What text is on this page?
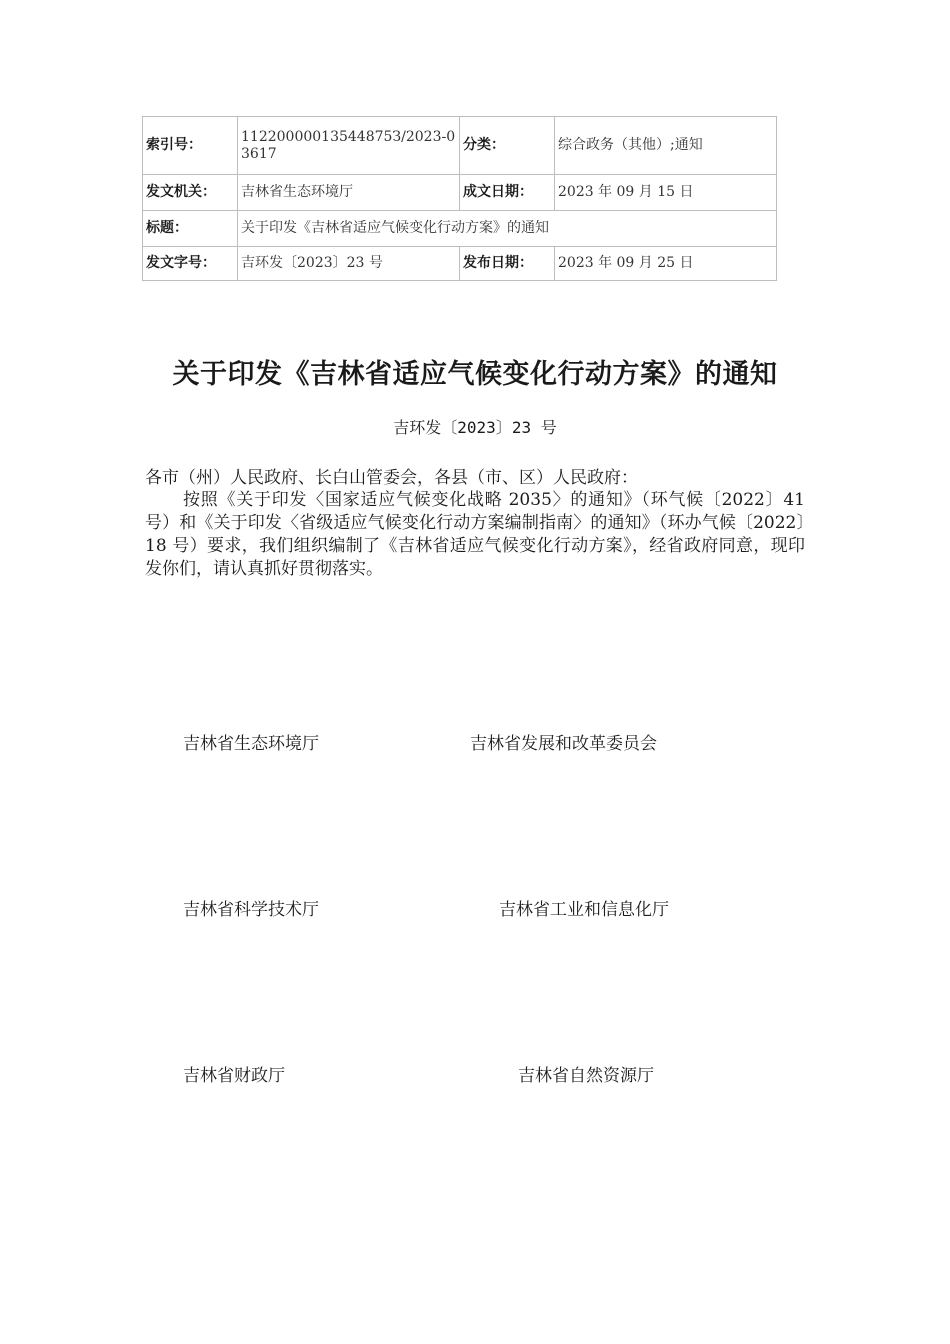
索引号：	11220000013544875З/2023-03617	分类：	综合政务（其他）;通知
发文机关：	吉林省生态环境厅	成文日期：	2023 年 09 月 15 日
标题：	关于印发《吉林省适应气候变化行动方案》的通知		
发文字号：	吉环发〔2023〕23 号	发布日期：	2023 年 09 月 25 日
关于印发《吉林省适应气候变化行动方案》的通知
吉环发〔2023〕23 号
各市（州）人民政府、长白山管委会，各县（市、区）人民政府：
按照《关于印发〈国家适应气候变化战略 2035〉的通知》（环气候〔2022〕41 号）和《关于印发〈省级适应气候变化行动方案编制指南〉的通知》（环办气候〔2022〕18 号）要求，我们组织编制了《吉林省适应气候变化行动方案》，经省政府同意，现印发你们，请认真抓好贯彻落实。
吉林省生态环境厅	吉林省发展和改革委员会
吉林省科学技术厅	吉林省工业和信息化厅
吉林省财政厅	吉林省自然资源厅
